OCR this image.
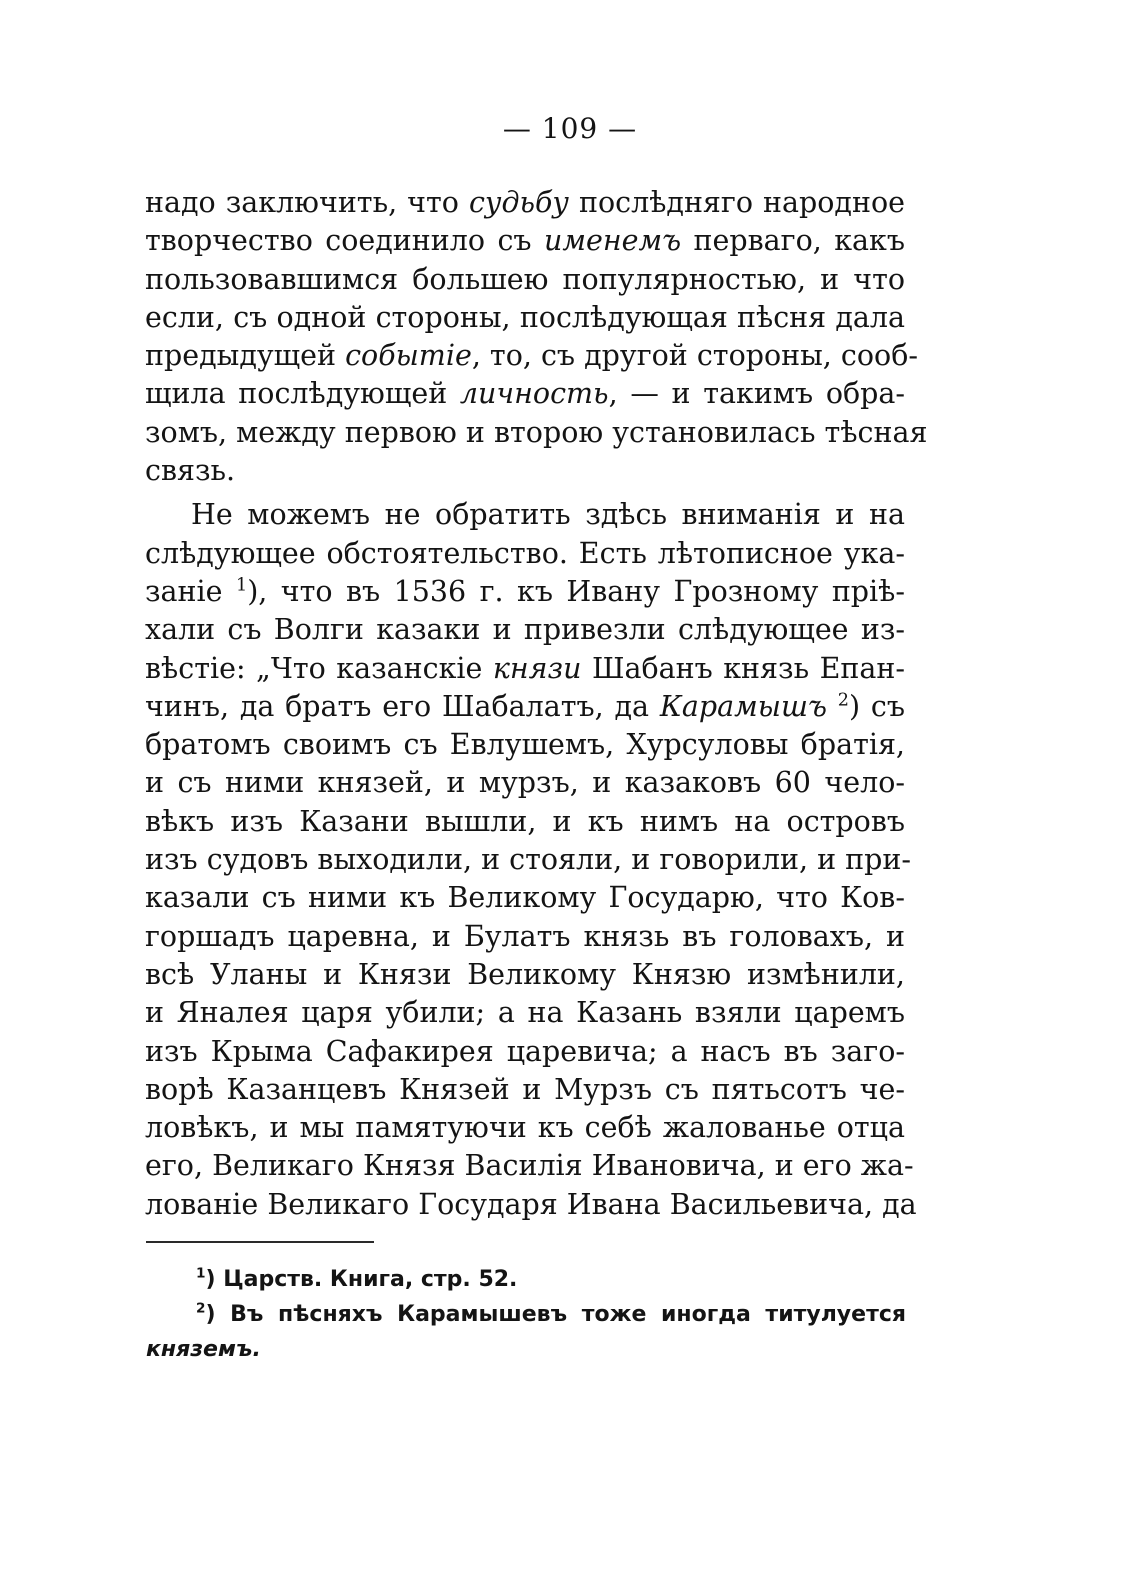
— 109 —
надо заключить, что судьбу послѣдняго народное
творчество соединило съ именемъ перваго, какъ
пользовавшимся большею популярностью, и что
если, съ одной стороны, послѣдующая пѣсня дала
предыдущей событіе, то, съ другой стороны, сооб-
щила послѣдующей личность, — и такимъ обра-
зомъ, между первою и второю установилась тѣсная
связь.
Не можемъ не обратить здѣсь вниманія и на
слѣдующее обстоятельство. Есть лѣтописное ука-
заніе $^1$), что въ 1536 г. къ Ивану Грозному пріѣ-
хали съ Волги казаки и привезли слѣдующее из-
вѣстіе: „Что казанскіе князи Шабанъ князь Епан-
чинъ, да братъ его Шабалатъ, да Карамышъ $^2$) съ
братомъ своимъ съ Евлушемъ, Хурсуловы братія,
и съ ними князей, и мурзъ, и казаковъ 60 чело-
вѣкъ изъ Казани вышли, и къ нимъ на островъ
изъ судовъ выходили, и стояли, и говорили, и при-
казали съ ними къ Великому Государю, что Ков-
горшадъ царевна, и Булатъ князь въ головахъ, и
всѣ Уланы и Князи Великому Князю измѣнили,
и Яналея царя убили; а на Казань взяли царемъ
изъ Крыма Сафакирея царевича; а насъ въ заго-
ворѣ Казанцевъ Князей и Мурзъ съ пятьсотъ че-
ловѣкъ, и мы памятуючи къ себѣ жалованье отца
его, Великаго Князя Василія Ивановича, и его жа-
лованіе Великаго Государя Ивана Васильевича, да
$^1$) Царств. Книга, стр. 52.
$^2$) Въ пѣсняхъ Карамышевъ тоже иногда титулуется
княземъ.
